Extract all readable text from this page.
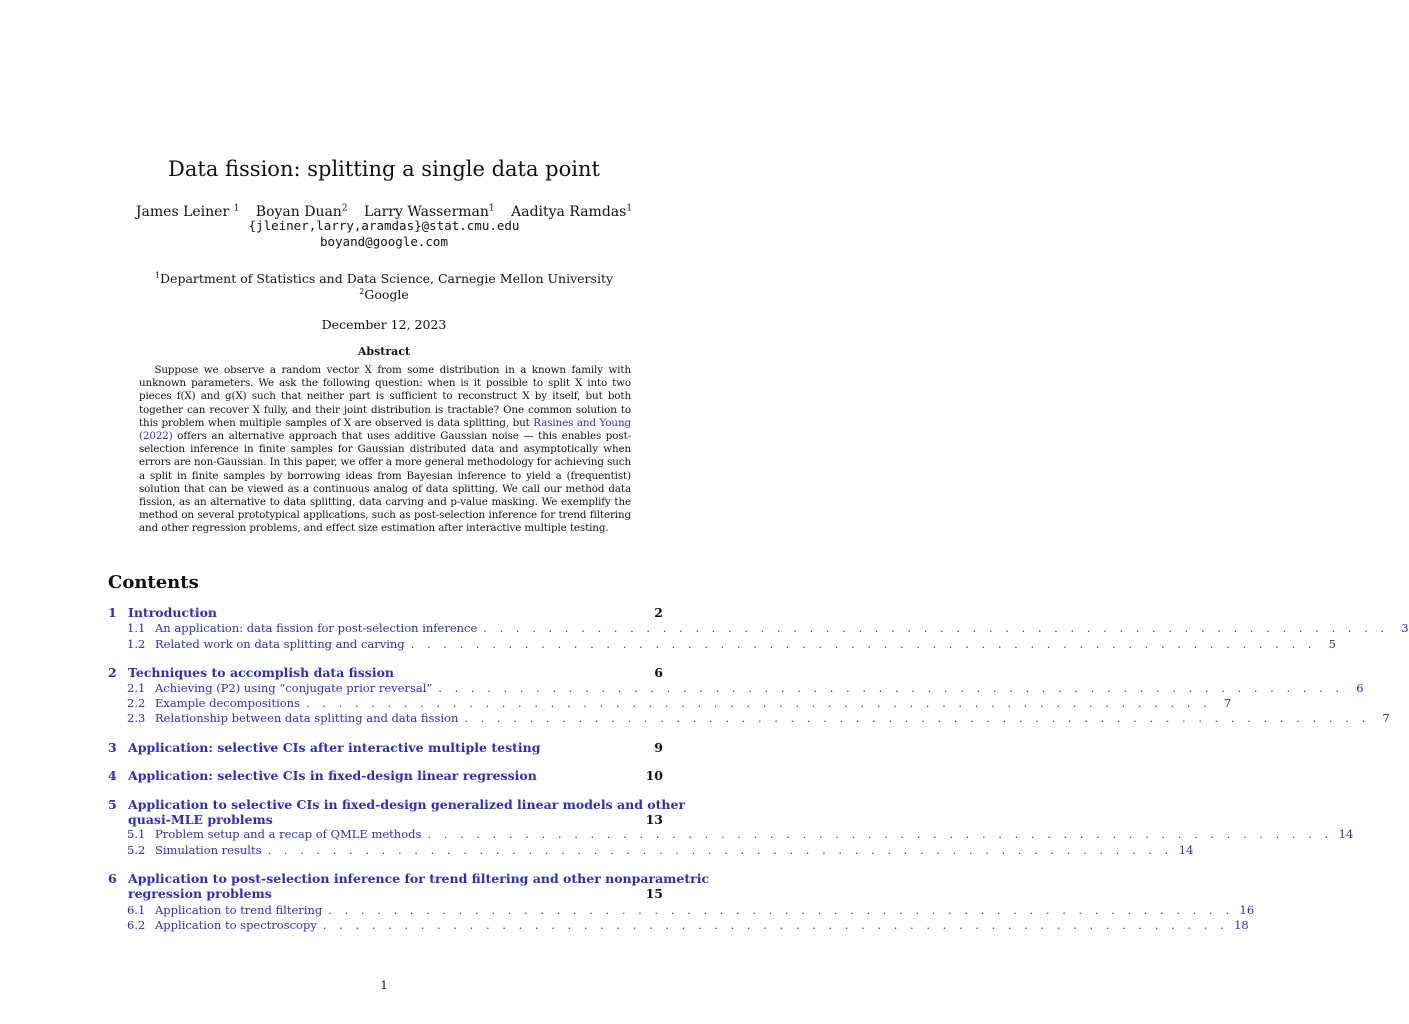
Data fission: splitting a single data point
James Leiner $^1$ Boyan Duan$^2$ Larry Wasserman$^1$ Aaditya Ramdas$^1$
{jleiner,larry,aramdas}@stat.cmu.edu
boyand@google.com
$^1$Department of Statistics and Data Science, Carnegie Mellon University
$^2$Google
December 12, 2023
Abstract
Suppose we observe a random vector X from some distribution in a known family with unknown parameters. We ask the following question: when is it possible to split X into two pieces f(X) and g(X) such that neither part is sufficient to reconstruct X by itself, but both together can recover X fully, and their joint distribution is tractable? One common solution to this problem when multiple samples of X are observed is data splitting, but Rasines and Young (2022) offers an alternative approach that uses additive Gaussian noise — this enables post-selection inference in finite samples for Gaussian distributed data and asymptotically when errors are non-Gaussian. In this paper, we offer a more general methodology for achieving such a split in finite samples by borrowing ideas from Bayesian inference to yield a (frequentist) solution that can be viewed as a continuous analog of data splitting. We call our method data fission, as an alternative to data splitting, data carving and p-value masking. We exemplify the method on several prototypical applications, such as post-selection inference for trend filtering and other regression problems, and effect size estimation after interactive multiple testing.
Contents
1 Introduction	2
1.1 An application: data fission for post-selection inference . . . . . . . . . . . . . . . . . . . . . . . . . . . . . . . . . . . . . . . . . . . . . . . . . . . . . . . .	3
1.2 Related work on data splitting and carving . . . . . . . . . . . . . . . . . . . . . . . . . . . . . . . . . . . . . . . . . . . . . . . . . . . . . . . .	5
2 Techniques to accomplish data fission	6
2.1 Achieving (P2) using “conjugate prior reversal” . . . . . . . . . . . . . . . . . . . . . . . . . . . . . . . . . . . . . . . . . . . . . . . . . . . . . . . .	6
2.2 Example decompositions . . . . . . . . . . . . . . . . . . . . . . . . . . . . . . . . . . . . . . . . . . . . . . . . . . . . . . . .	7
2.3 Relationship between data splitting and data fission . . . . . . . . . . . . . . . . . . . . . . . . . . . . . . . . . . . . . . . . . . . . . . . . . . . . . . . .	7
3 Application: selective CIs after interactive multiple testing	9
4 Application: selective CIs in fixed-design linear regression	10
5 Application to selective CIs in fixed-design generalized linear models and other
quasi-MLE problems	13
5.1 Problem setup and a recap of QMLE methods . . . . . . . . . . . . . . . . . . . . . . . . . . . . . . . . . . . . . . . . . . . . . . . . . . . . . . . . 14
5.2 Simulation results . . . . . . . . . . . . . . . . . . . . . . . . . . . . . . . . . . . . . . . . . . . . . . . . . . . . . . . . 14
6 Application to post-selection inference for trend filtering and other nonparametric
regression problems	15
6.1 Application to trend filtering . . . . . . . . . . . . . . . . . . . . . . . . . . . . . . . . . . . . . . . . . . . . . . . . . . . . . . . . 16
6.2 Application to spectroscopy . . . . . . . . . . . . . . . . . . . . . . . . . . . . . . . . . . . . . . . . . . . . . . . . . . . . . . . . 18
1
